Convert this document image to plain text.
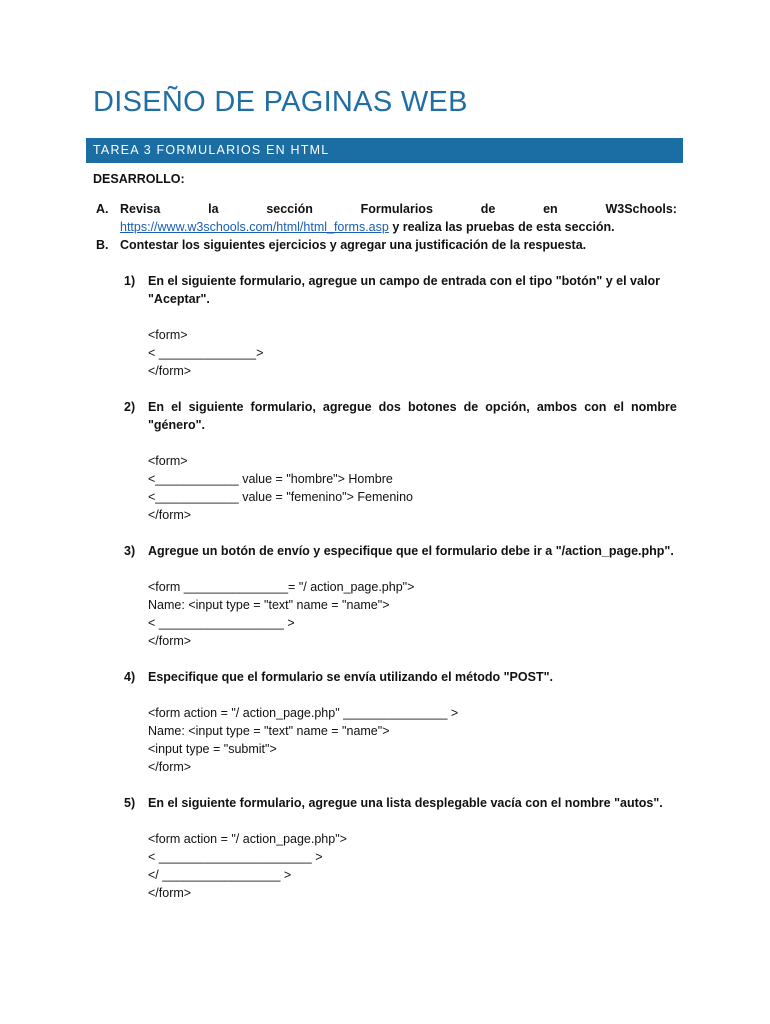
DISEÑO DE PAGINAS WEB
TAREA 3 FORMULARIOS EN HTML
DESARROLLO:
A. Revisa	la	sección	Formularios	de	en	W3Schools:
https://www.w3schools.com/html/html_forms.asp y realiza las pruebas de esta sección.
B. Contestar los siguientes ejercicios y agregar una justificación de la respuesta.
1) En el siguiente formulario, agregue un campo de entrada con el tipo "botón" y el valor
"Aceptar".
<form>
< ______________>
</form>
2) En el siguiente formulario, agregue dos botones de opción, ambos con el nombre
"género".
<form>
<____________ value = "hombre"> Hombre
<____________ value = "femenino"> Femenino
</form>
3) Agregue un botón de envío y especifique que el formulario debe ir a "/action_page.php".
<form _______________= "/ action_page.php">
Name: <input type = "text" name = "name">
< __________________ >
</form>
4) Especifique que el formulario se envía utilizando el método "POST".
<form action = "/ action_page.php" _______________ >
Name: <input type = "text" name = "name">
<input type = "submit">
</form>
5) En el siguiente formulario, agregue una lista desplegable vacía con el nombre "autos".
<form action = "/ action_page.php">
< ______________________ >
</ _________________ >
</form>
